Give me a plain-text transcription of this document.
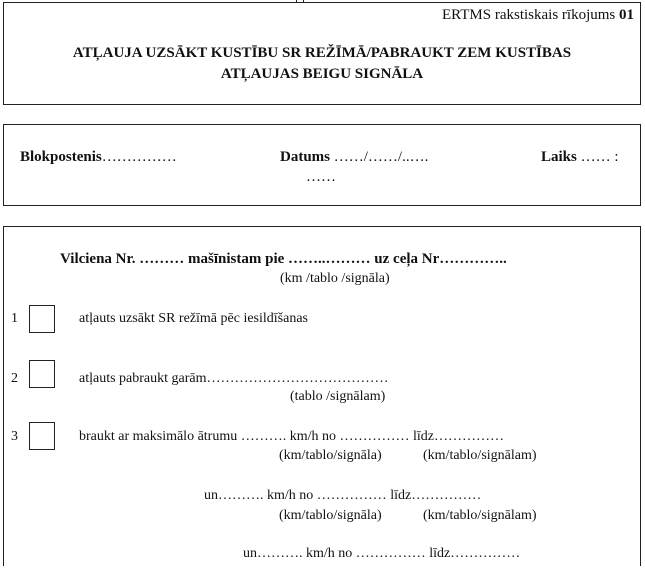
ERTMS rakstiskais rīkojums 01
ATĻAUJA UZSĀKT KUSTĪBU SR REŽĪMĀ/PABRAUKT ZEM KUSTĪBAS
ATĻAUJAS BEIGU SIGNĀLA
Blokpostenis……………	Datums ……/……/..….
……
Laiks …… :
Vilciena Nr. ……… mašīnistam pie ……..……… uz ceļa Nr…………..
(km /tablo /signāla)
1	atļauts uzsākt SR režīmā pēc iesildīšanas
2	atļauts pabraukt garām…………………………………
(tablo /signālam)
3	braukt ar maksimālo ātrumu ………. km/h no …………… līdz……………
(km/tablo/signāla)	(km/tablo/signālam)
un………. km/h no …………… līdz……………
(km/tablo/signāla)	(km/tablo/signālam)
un………. km/h no …………… līdz……………
